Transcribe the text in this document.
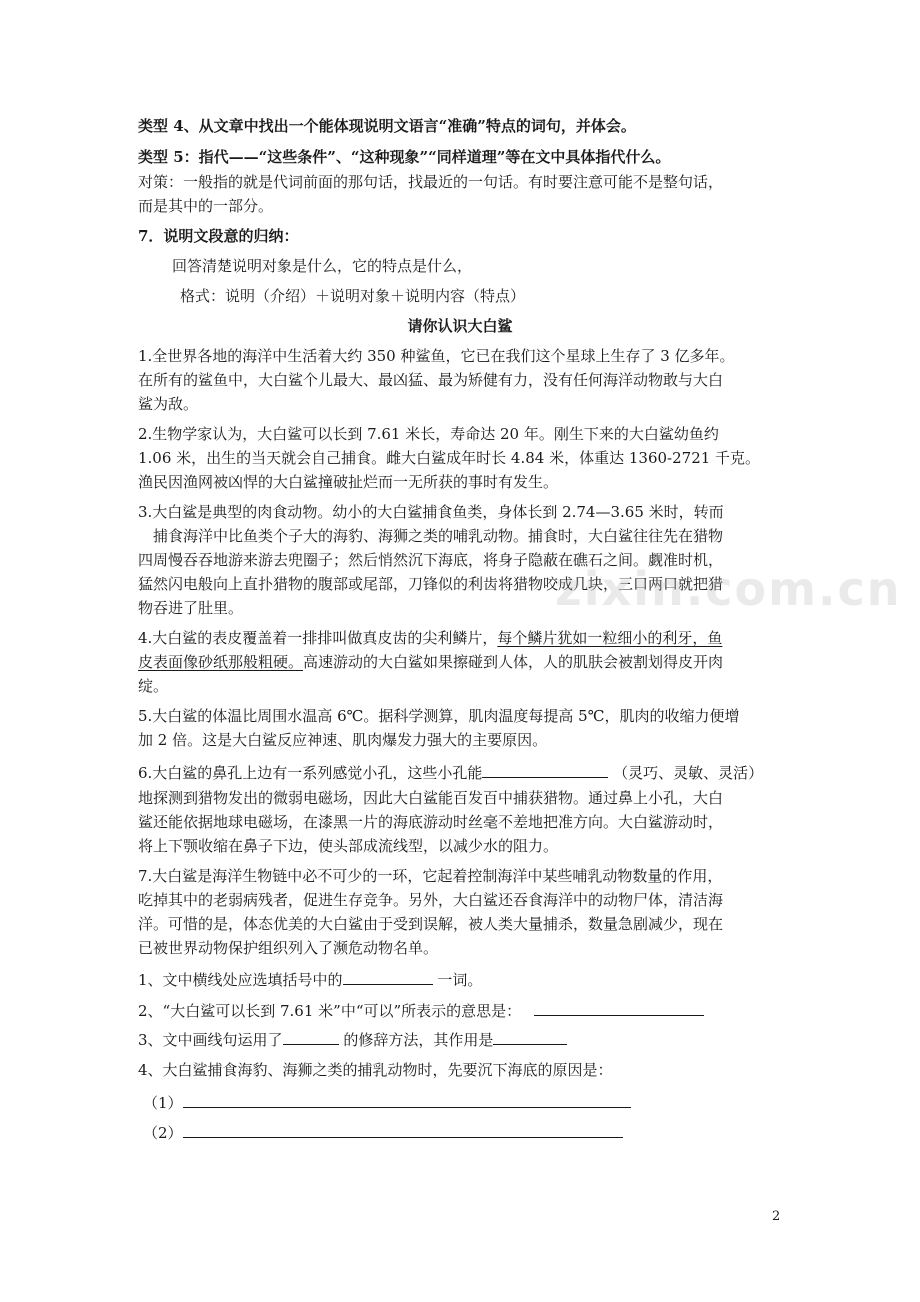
类型 4、从文章中找出一个能体现说明文语言“准确”特点的词句，并体会。
类型 5：指代——“这些条件”、“这种现象”“同样道理”等在文中具体指代什么。
对策：一般指的就是代词前面的那句话，找最近的一句话。有时要注意可能不是整句话，
而是其中的一部分。
7．说明文段意的归纳：
回答清楚说明对象是什么，它的特点是什么，
格式：说明（介绍）＋说明对象＋说明内容（特点）
请你认识大白鲨
1.全世界各地的海洋中生活着大约 350 种鲨鱼，它已在我们这个星球上生存了 3 亿多年。
在所有的鲨鱼中，大白鲨个儿最大、最凶猛、最为矫健有力，没有任何海洋动物敢与大白
鲨为敌。
2.生物学家认为，大白鲨可以长到 7.61 米长，寿命达 20 年。刚生下来的大白鲨幼鱼约
1.06 米，出生的当天就会自己捕食。雌大白鲨成年时长 4.84 米，体重达 1360-2721 千克。
渔民因渔网被凶悍的大白鲨撞破扯烂而一无所获的事时有发生。
3.大白鲨是典型的肉食动物。幼小的大白鲨捕食鱼类，身体长到 2.74—3.65 米时，转而
　捕食海洋中比鱼类个子大的海豹、海狮之类的哺乳动物。捕食时，大白鲨往往先在猎物
四周慢吞吞地游来游去兜圈子；然后悄然沉下海底，将身子隐蔽在礁石之间。觑准时机，
猛然闪电般向上直扑猎物的腹部或尾部，刀锋似的利齿将猎物咬成几块，三口两口就把猎
物吞进了肚里。
4.大白鲨的表皮覆盖着一排排叫做真皮齿的尖利鳞片，每个鳞片犹如一粒细小的利牙，鱼
皮表面像砂纸那般粗硬。高速游动的大白鲨如果擦碰到人体，人的肌肤会被割划得皮开肉
绽。
5.大白鲨的体温比周围水温高 6℃。据科学测算，肌肉温度每提高 5℃，肌肉的收缩力便增
加 2 倍。这是大白鲨反应神速、肌肉爆发力强大的主要原因。
6.大白鲨的鼻孔上边有一系列感觉小孔，这些小孔能	（灵巧、灵敏、灵活）
地探测到猎物发出的微弱电磁场，因此大白鲨能百发百中捕获猎物。通过鼻上小孔，大白
鲨还能依据地球电磁场，在漆黑一片的海底游动时丝毫不差地把准方向。大白鲨游动时，
将上下颚收缩在鼻子下边，使头部成流线型，以减少水的阻力。
7.大白鲨是海洋生物链中必不可少的一环，它起着控制海洋中某些哺乳动物数量的作用，
吃掉其中的老弱病残者，促进生存竞争。另外，大白鲨还吞食海洋中的动物尸体，清洁海
洋。可惜的是，体态优美的大白鲨由于受到误解，被人类大量捕杀，数量急剧减少，现在
已被世界动物保护组织列入了濒危动物名单。
1、文中横线处应选填括号中的	一词。
2、“大白鲨可以长到 7.61 米”中“可以”所表示的意思是：
3、文中画线句运用了	的修辞方法，其作用是
4、大白鲨捕食海豹、海狮之类的捕乳动物时，先要沉下海底的原因是：
（1）
（2）
zixin.com.cn
2
